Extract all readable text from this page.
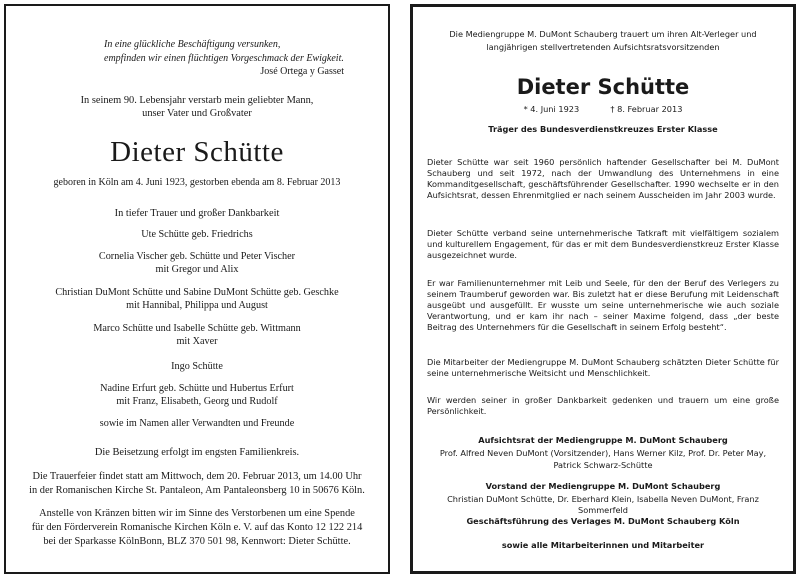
In eine glückliche Beschäftigung versunken,
empfinden wir einen flüchtigen Vorgeschmack der Ewigkeit.
José Ortega y Gasset
In seinem 90. Lebensjahr verstarb mein geliebter Mann,
unser Vater und Großvater
Dieter Schütte
geboren in Köln am 4. Juni 1923, gestorben ebenda am 8. Februar 2013
In tiefer Trauer und großer Dankbarkeit
Ute Schütte geb. Friedrichs
Cornelia Vischer geb. Schütte und Peter Vischer
mit Gregor und Alix
Christian DuMont Schütte und Sabine DuMont Schütte geb. Geschke
mit Hannibal, Philippa und August
Marco Schütte und Isabelle Schütte geb. Wittmann
mit Xaver
Ingo Schütte
Nadine Erfurt geb. Schütte und Hubertus Erfurt
mit Franz, Elisabeth, Georg und Rudolf
sowie im Namen aller Verwandten und Freunde
Die Beisetzung erfolgt im engsten Familienkreis.
Die Trauerfeier findet statt am Mittwoch, dem 20. Februar 2013, um 14.00 Uhr
in der Romanischen Kirche St. Pantaleon, Am Pantaleonsberg 10 in 50676 Köln.
Anstelle von Kränzen bitten wir im Sinne des Verstorbenen um eine Spende
für den Förderverein Romanische Kirchen Köln e. V. auf das Konto 12 122 214
bei der Sparkasse KölnBonn, BLZ 370 501 98, Kennwort: Dieter Schütte.
Die Mediengruppe M. DuMont Schauberg trauert um ihren Alt-Verleger und
langjährigen stellvertretenden Aufsichtsratsvorsitzenden
Dieter Schütte
* 4. Juni 1923	† 8. Februar 2013
Träger des Bundesverdienstkreuzes Erster Klasse
Dieter Schütte war seit 1960 persönlich haftender Gesellschafter bei M. DuMont Schauberg und seit 1972, nach der Umwandlung des Unternehmens in eine Kommanditgesellschaft, geschäftsführender Gesellschafter. 1990 wechselte er in den Aufsichtsrat, dessen Ehrenmitglied er nach seinem Ausscheiden im Jahr 2003 wurde.
Dieter Schütte verband seine unternehmerische Tatkraft mit vielfältigem sozialem und kulturellem Engagement, für das er mit dem Bundesverdienstkreuz Erster Klasse ausgezeichnet wurde.
Er war Familienunternehmer mit Leib und Seele, für den der Beruf des Verlegers zu seinem Traumberuf geworden war. Bis zuletzt hat er diese Berufung mit Leidenschaft ausgeübt und ausgefüllt. Er wusste um seine unternehmerische wie auch soziale Verantwortung, und er kam ihr nach – seiner Maxime folgend, dass „der beste Beitrag des Unternehmers für die Gesellschaft in seinem Erfolg besteht“.
Die Mitarbeiter der Mediengruppe M. DuMont Schauberg schätzten Dieter Schütte für seine unternehmerische Weitsicht und Menschlichkeit.
Wir werden seiner in großer Dankbarkeit gedenken und trauern um eine große Persönlichkeit.
Aufsichtsrat der Mediengruppe M. DuMont Schauberg
Prof. Alfred Neven DuMont (Vorsitzender), Hans Werner Kilz, Prof. Dr. Peter May,
Patrick Schwarz-Schütte
Vorstand der Mediengruppe M. DuMont Schauberg
Christian DuMont Schütte, Dr. Eberhard Klein, Isabella Neven DuMont, Franz Sommerfeld
Geschäftsführung des Verlages M. DuMont Schauberg Köln
sowie alle Mitarbeiterinnen und Mitarbeiter
